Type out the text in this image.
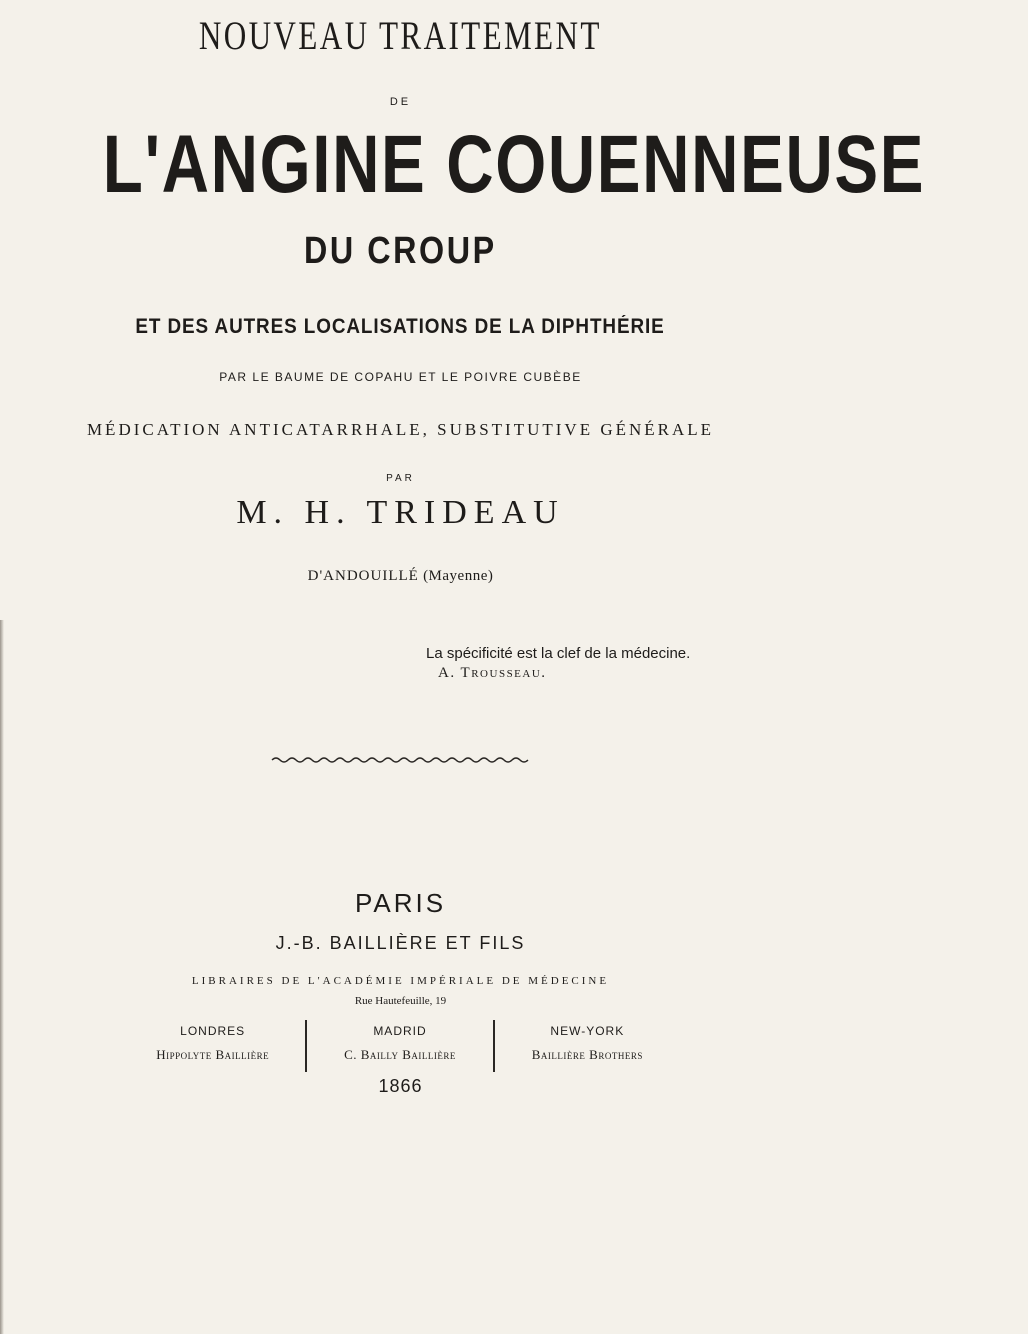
NOUVEAU TRAITEMENT
DE
L'ANGINE COUENNEUSE
DU CROUP
ET DES AUTRES LOCALISATIONS DE LA DIPHTHÉRIE
PAR LE BAUME DE COPAHU ET LE POIVRE CUBÈBE
MÉDICATION ANTICATARRHALE, SUBSTITUTIVE GÉNÉRALE
PAR
M. H. TRIDEAU
D'ANDOUILLÉ (Mayenne)
La spécificité est la clef de la médecine.
A. Trousseau.
PARIS
J.-B. BAILLIÈRE ET FILS
LIBRAIRES DE L'ACADÉMIE IMPÉRIALE DE MÉDECINE
Rue Hautefeuille, 19
LONDRES
Hippolyte Baillière
MADRID
C. Bailly Baillière
NEW-YORK
Baillière Brothers
1866
